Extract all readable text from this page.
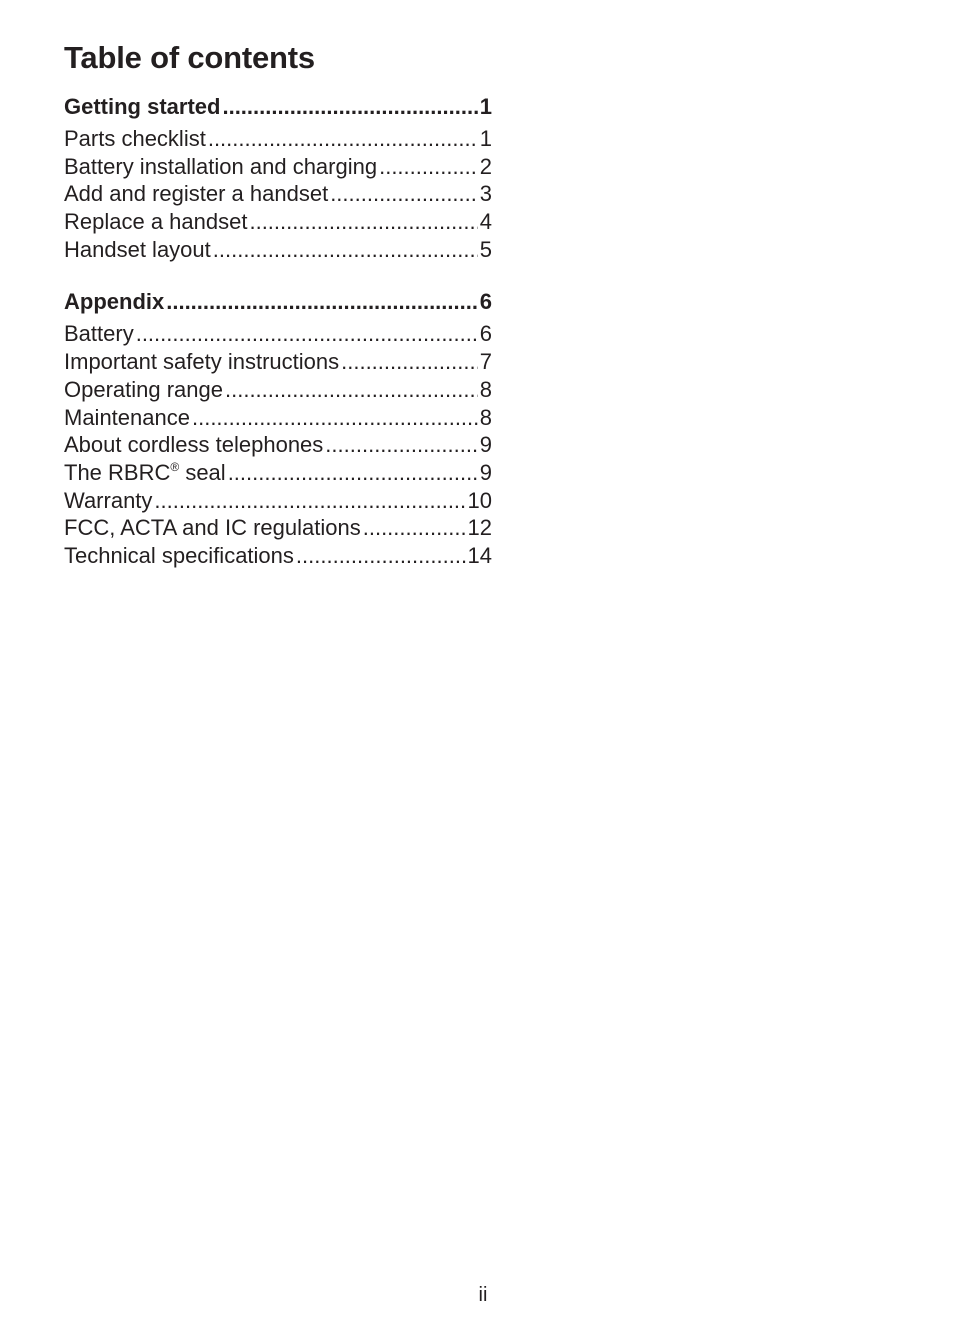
Table of contents
Getting started .....	1
Parts checklist .....	1
Battery installation and charging .....	2
Add and register a handset .....	3
Replace a handset .....	4
Handset layout .....	5
Appendix .....	6
Battery .....	6
Important safety instructions .....	7
Operating range .....	8
Maintenance .....	8
About cordless telephones .....	9
The RBRC® seal .....	9
Warranty .....	10
FCC, ACTA and IC regulations .....	12
Technical specifications .....	14
ii
